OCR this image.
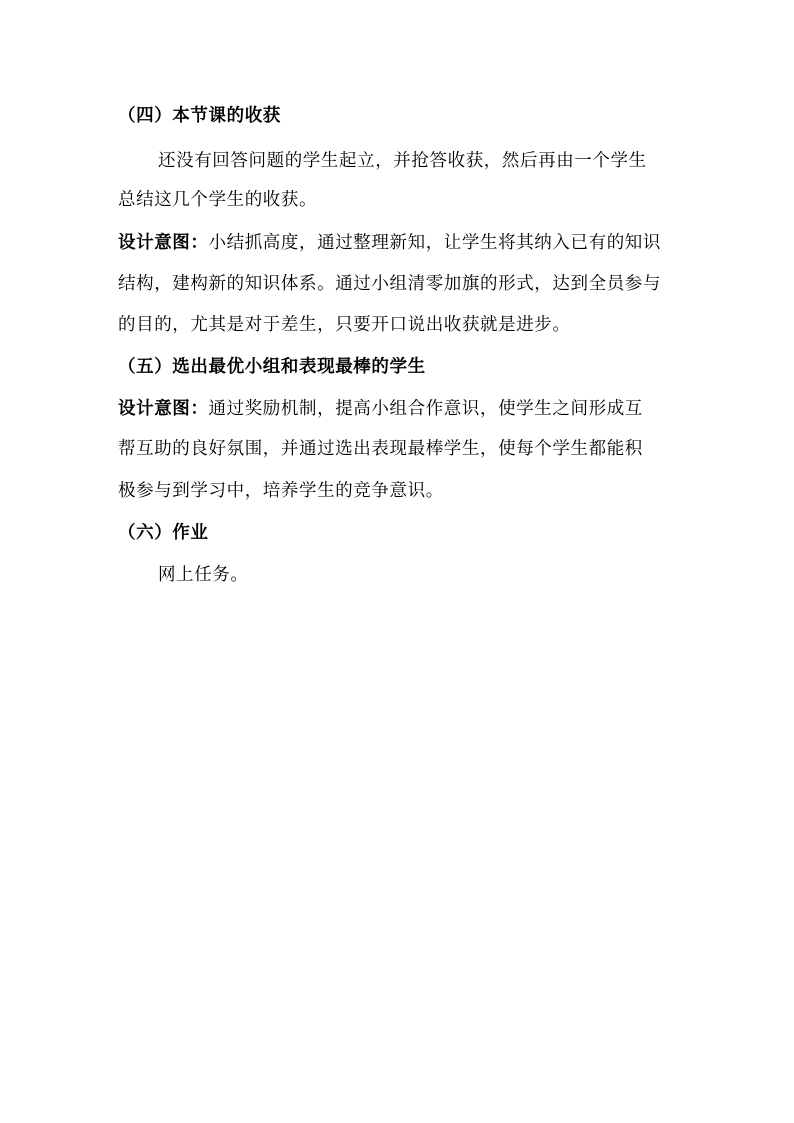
（四）本节课的收获
还没有回答问题的学生起立，并抢答收获，然后再由一个学生
总结这几个学生的收获。
设计意图：小结抓高度，通过整理新知，让学生将其纳入已有的知识
结构，建构新的知识体系。通过小组清零加旗的形式，达到全员参与
的目的，尤其是对于差生，只要开口说出收获就是进步。
（五）选出最优小组和表现最棒的学生
设计意图：通过奖励机制，提高小组合作意识，使学生之间形成互
帮互助的良好氛围，并通过选出表现最棒学生，使每个学生都能积
极参与到学习中，培养学生的竞争意识。
（六）作业
网上任务。
